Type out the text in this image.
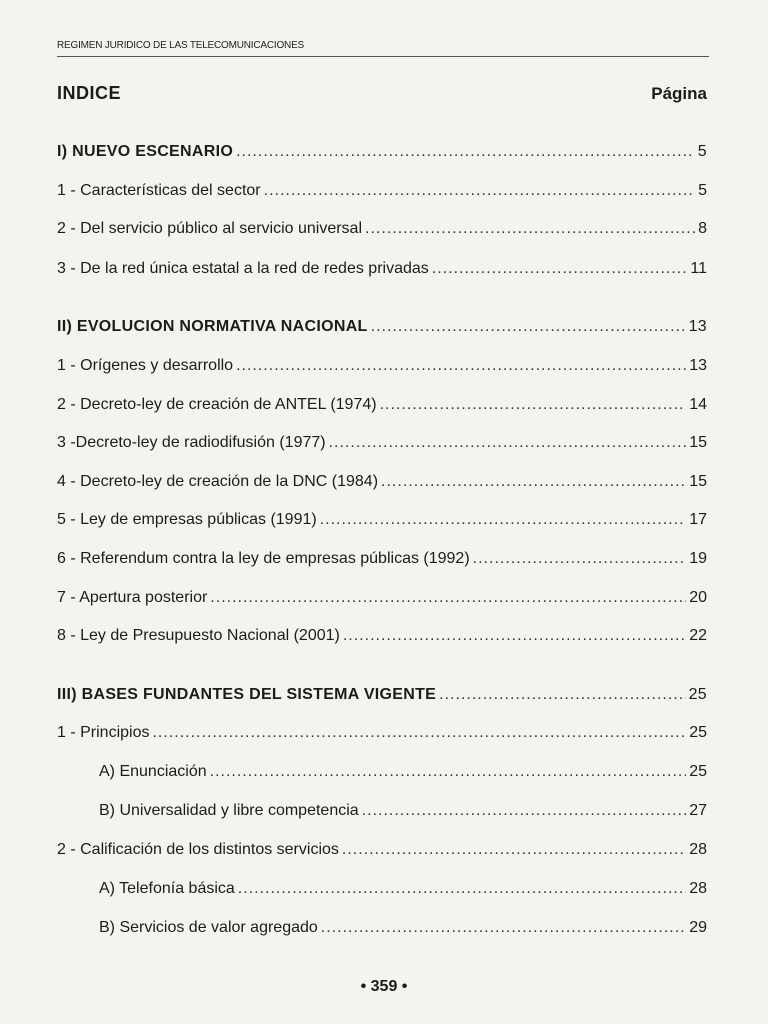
REGIMEN JURIDICO DE LAS TELECOMUNICACIONES
INDICE	Página
I) NUEVO ESCENARIO .....	5
1 - Características del sector .....	5
2 - Del servicio público al servicio universal .....	8
3 - De la red única estatal a la red de redes privadas .....	11
II) EVOLUCION NORMATIVA NACIONAL .....	13
1 - Orígenes y desarrollo .....	13
2 - Decreto-ley de creación de ANTEL (1974) .....	14
3 -Decreto-ley de radiodifusión (1977) .....	15
4 - Decreto-ley de creación de la DNC (1984) .....	15
5 - Ley de empresas públicas (1991) .....	17
6 - Referendum contra la ley de empresas públicas (1992) .....	19
7 - Apertura posterior .....	20
8 - Ley de Presupuesto Nacional (2001) .....	22
III) BASES FUNDANTES DEL SISTEMA VIGENTE .....	25
1 - Principios .....	25
A) Enunciación .....	25
B) Universalidad y libre competencia .....	27
2 - Calificación de los distintos servicios .....	28
A) Telefonía básica .....	28
B) Servicios de valor agregado .....	29
• 359 •
